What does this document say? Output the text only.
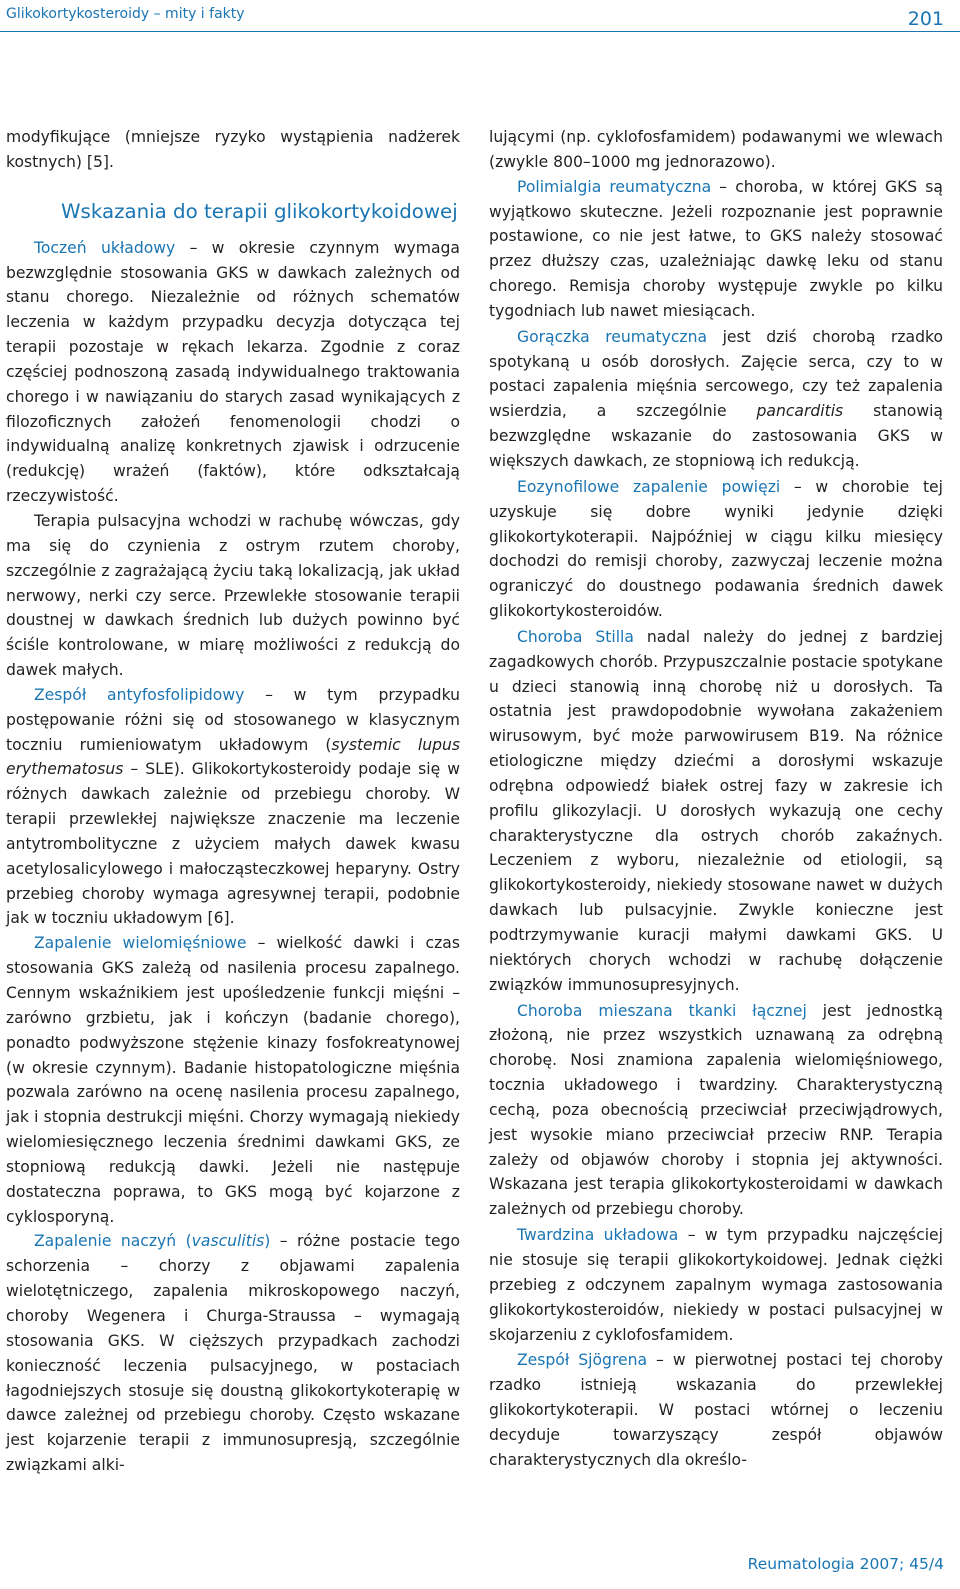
Glikokortykosteroidy – mity i fakty	201

modyfikujące (mniejsze ryzyko wystąpienia nadżerek kostnych) [5].

Wskazania do terapii glikokortykoidowej

Toczeń układowy – w okresie czynnym wymaga bezwzględnie stosowania GKS w dawkach zależnych od stanu chorego. Niezależnie od różnych schematów leczenia w każdym przypadku decyzja dotycząca tej terapii pozostaje w rękach lekarza. Zgodnie z coraz częściej podnoszoną zasadą indywidualnego traktowania chorego i w nawiązaniu do starych zasad wynikających z filozoficznych założeń fenomenologii chodzi o indywidualną analizę konkretnych zjawisk i odrzucenie (redukcję) wrażeń (faktów), które odkształcają rzeczywistość.

Terapia pulsacyjna wchodzi w rachubę wówczas, gdy ma się do czynienia z ostrym rzutem choroby, szczególnie z zagrażającą życiu taką lokalizacją, jak układ nerwowy, nerki czy serce. Przewlekłe stosowanie terapii doustnej w dawkach średnich lub dużych powinno być ściśle kontrolowane, w miarę możliwości z redukcją do dawek małych.

Zespół antyfosfolipidowy – w tym przypadku postępowanie różni się od stosowanego w klasycznym toczniu rumieniowatym układowym (systemic lupus erythematosus – SLE). Glikokortykosteroidy podaje się w różnych dawkach zależnie od przebiegu choroby. W terapii przewlekłej największe znaczenie ma leczenie antytrombolityczne z użyciem małych dawek kwasu acetylosalicylowego i małocząsteczkowej heparyny. Ostry przebieg choroby wymaga agresywnej terapii, podobnie jak w toczniu układowym [6].

Zapalenie wielomięśniowe – wielkość dawki i czas stosowania GKS zależą od nasilenia procesu zapalnego. Cennym wskaźnikiem jest upośledzenie funkcji mięśni – zarówno grzbietu, jak i kończyn (badanie chorego), ponadto podwyższone stężenie kinazy fosfokreatynowej (w okresie czynnym). Badanie histopatologiczne mięśnia pozwala zarówno na ocenę nasilenia procesu zapalnego, jak i stopnia destrukcji mięśni. Chorzy wymagają niekiedy wielomiesięcznego leczenia średnimi dawkami GKS, ze stopniową redukcją dawki. Jeżeli nie następuje dostateczna poprawa, to GKS mogą być kojarzone z cyklosporyną.

Zapalenie naczyń (vasculitis) – różne postacie tego schorzenia – chorzy z objawami zapalenia wielotętniczego, zapalenia mikroskopowego naczyń, choroby Wegenera i Churga-Straussa – wymagają stosowania GKS. W cięższych przypadkach zachodzi konieczność leczenia pulsacyjnego, w postaciach łagodniejszych stosuje się doustną glikokortykoterapię w dawce zależnej od przebiegu choroby. Często wskazane jest kojarzenie terapii z immunosupresją, szczególnie związkami alki-

lującymi (np. cyklofosfamidem) podawanymi we wlewach (zwykle 800–1000 mg jednorazowo).

Polimialgia reumatyczna – choroba, w której GKS są wyjątkowo skuteczne. Jeżeli rozpoznanie jest poprawnie postawione, co nie jest łatwe, to GKS należy stosować przez dłuższy czas, uzależniając dawkę leku od stanu chorego. Remisja choroby występuje zwykle po kilku tygodniach lub nawet miesiącach.

Gorączka reumatyczna jest dziś chorobą rzadko spotykaną u osób dorosłych. Zajęcie serca, czy to w postaci zapalenia mięśnia sercowego, czy też zapalenia wsierdzia, a szczególnie pancarditis stanowią bezwzględne wskazanie do zastosowania GKS w większych dawkach, ze stopniową ich redukcją.

Eozynofilowe zapalenie powięzi – w chorobie tej uzyskuje się dobre wyniki jedynie dzięki glikokortykoterapii. Najpóźniej w ciągu kilku miesięcy dochodzi do remisji choroby, zazwyczaj leczenie można ograniczyć do doustnego podawania średnich dawek glikokortykosteroidów.

Choroba Stilla nadal należy do jednej z bardziej zagadkowych chorób. Przypuszczalnie postacie spotykane u dzieci stanowią inną chorobę niż u dorosłych. Ta ostatnia jest prawdopodobnie wywołana zakażeniem wirusowym, być może parwowirusem B19. Na różnice etiologiczne między dziećmi a dorosłymi wskazuje odrębna odpowiedź białek ostrej fazy w zakresie ich profilu glikozylacji. U dorosłych wykazują one cechy charakterystyczne dla ostrych chorób zakaźnych. Leczeniem z wyboru, niezależnie od etiologii, są glikokortykosteroidy, niekiedy stosowane nawet w dużych dawkach lub pulsacyjnie. Zwykle konieczne jest podtrzymywanie kuracji małymi dawkami GKS. U niektórych chorych wchodzi w rachubę dołączenie związków immunosupresyjnych.

Choroba mieszana tkanki łącznej jest jednostką złożoną, nie przez wszystkich uznawaną za odrębną chorobę. Nosi znamiona zapalenia wielomięśniowego, tocznia układowego i twardziny. Charakterystyczną cechą, poza obecnością przeciwciał przeciwjądrowych, jest wysokie miano przeciwciał przeciw RNP. Terapia zależy od objawów choroby i stopnia jej aktywności. Wskazana jest terapia glikokortykosteroidami w dawkach zależnych od przebiegu choroby.

Twardzina układowa – w tym przypadku najczęściej nie stosuje się terapii glikokortykoidowej. Jednak ciężki przebieg z odczynem zapalnym wymaga zastosowania glikokortykosteroidów, niekiedy w postaci pulsacyjnej w skojarzeniu z cyklofosfamidem.

Zespół Sjögrena – w pierwotnej postaci tej choroby rzadko istnieją wskazania do przewlekłej glikokortykoterapii. W postaci wtórnej o leczeniu decyduje towarzyszący zespół objawów charakterystycznych dla określo-

Reumatologia 2007; 45/4
